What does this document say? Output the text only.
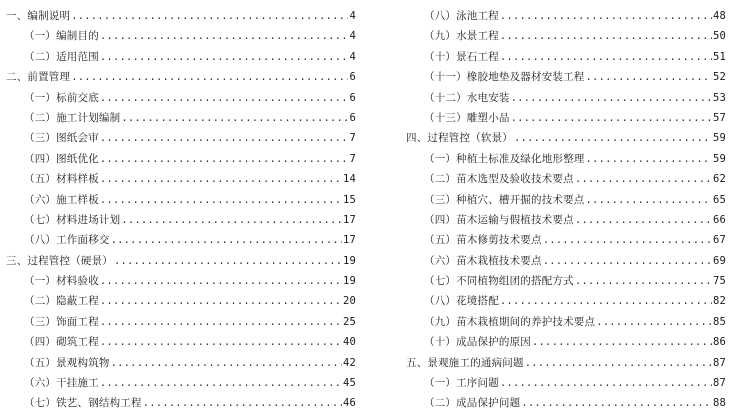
一、编制说明 .....	4
（一）编制目的 .....	4
（二）适用范围 .....	4
二、前置管理 .....	6
（一）标前交底 .....	6
（二）施工计划编制 .....	6
（三）图纸会审 .....	7
（四）图纸优化 .....	7
（五）材料样板 .....	14
（六）施工样板 .....	15
（七）材料进场计划 .....	17
（八）工作面移交 .....	17
三、过程管控（硬景） .....	19
（一）材料验收 .....	19
（二）隐蔽工程 .....	20
（三）饰面工程 .....	25
（四）砌筑工程 .....	40
（五）景观构筑物 .....	42
（六）干挂施工 .....	45
（七）铁艺、钢结构工程 .....	46
（八）泳池工程 .....	48
（九）水景工程 .....	50
（十）景石工程 .....	51
（十一）橡胶地垫及器材安装工程 .....	52
（十二）水电安装 .....	53
（十三）雕塑小品 .....	57
四、过程管控（软景） .....	59
（一）种植土标准及绿化地形整理 .....	59
（二）苗木选型及验收技术要点 .....	62
（三）种植穴、槽开掘的技术要点 .....	65
（四）苗木运输与假植技术要点 .....	66
（五）苗木修剪技术要点 .....	67
（六）苗木栽植技术要点 .....	69
（七）不同植物组团的搭配方式 .....	75
（八）花境搭配 .....	82
（九）苗木栽植期间的养护技术要点 .....	85
（十）成品保护的原因 .....	86
五、景观施工的通病问题 .....	87
（一）工序问题 .....	87
（二）成品保护问题 .....	88
